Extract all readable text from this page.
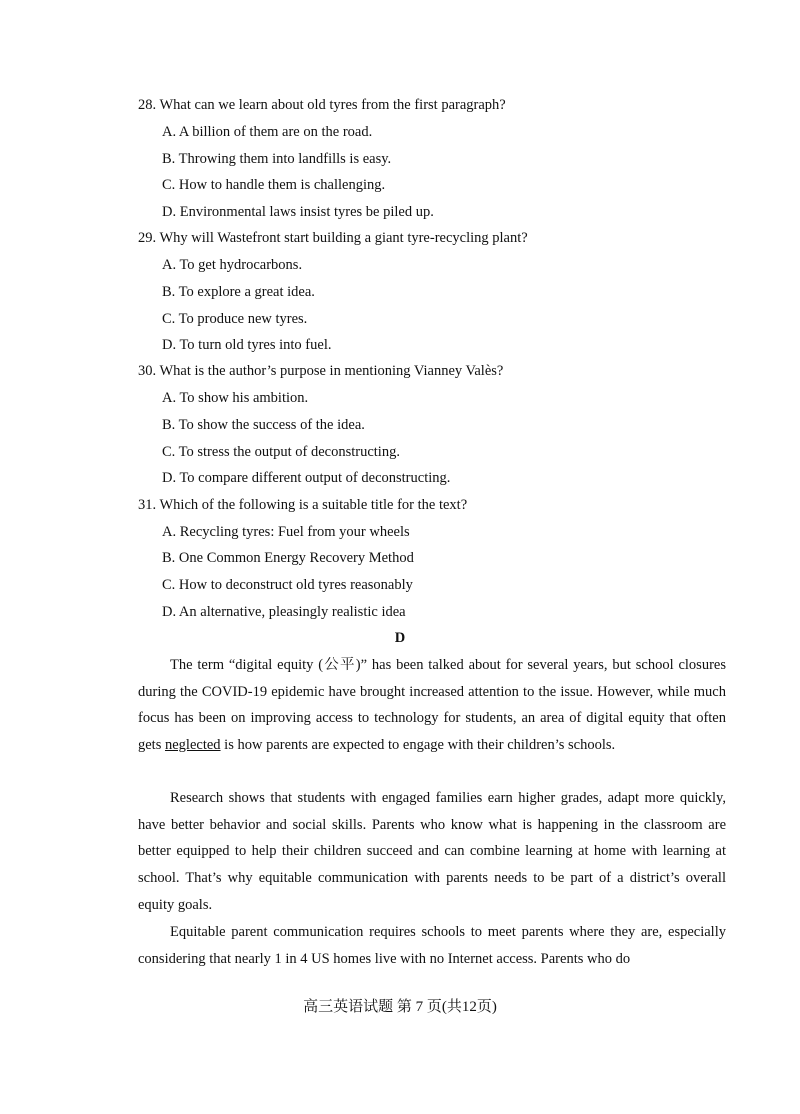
28. What can we learn about old tyres from the first paragraph?
A. A billion of them are on the road.
B. Throwing them into landfills is easy.
C. How to handle them is challenging.
D. Environmental laws insist tyres be piled up.
29. Why will Wastefront start building a giant tyre-recycling plant?
A. To get hydrocarbons.
B. To explore a great idea.
C. To produce new tyres.
D. To turn old tyres into fuel.
30. What is the author’s purpose in mentioning Vianney Valès?
A. To show his ambition.
B. To show the success of the idea.
C. To stress the output of deconstructing.
D. To compare different output of deconstructing.
31. Which of the following is a suitable title for the text?
A. Recycling tyres: Fuel from your wheels
B. One Common Energy Recovery Method
C. How to deconstruct old tyres reasonably
D. An alternative, pleasingly realistic idea
D
The term “digital equity (公平)” has been talked about for several years, but school closures during the COVID-19 epidemic have brought increased attention to the issue. However, while much focus has been on improving access to technology for students, an area of digital equity that often gets neglected is how parents are expected to engage with their children’s schools.
Research shows that students with engaged families earn higher grades, adapt more quickly, have better behavior and social skills. Parents who know what is happening in the classroom are better equipped to help their children succeed and can combine learning at home with learning at school. That’s why equitable communication with parents needs to be part of a district’s overall equity goals.
Equitable parent communication requires schools to meet parents where they are, especially considering that nearly 1 in 4 US homes live with no Internet access. Parents who do
高三英语试题 第 7 页(共12页)
